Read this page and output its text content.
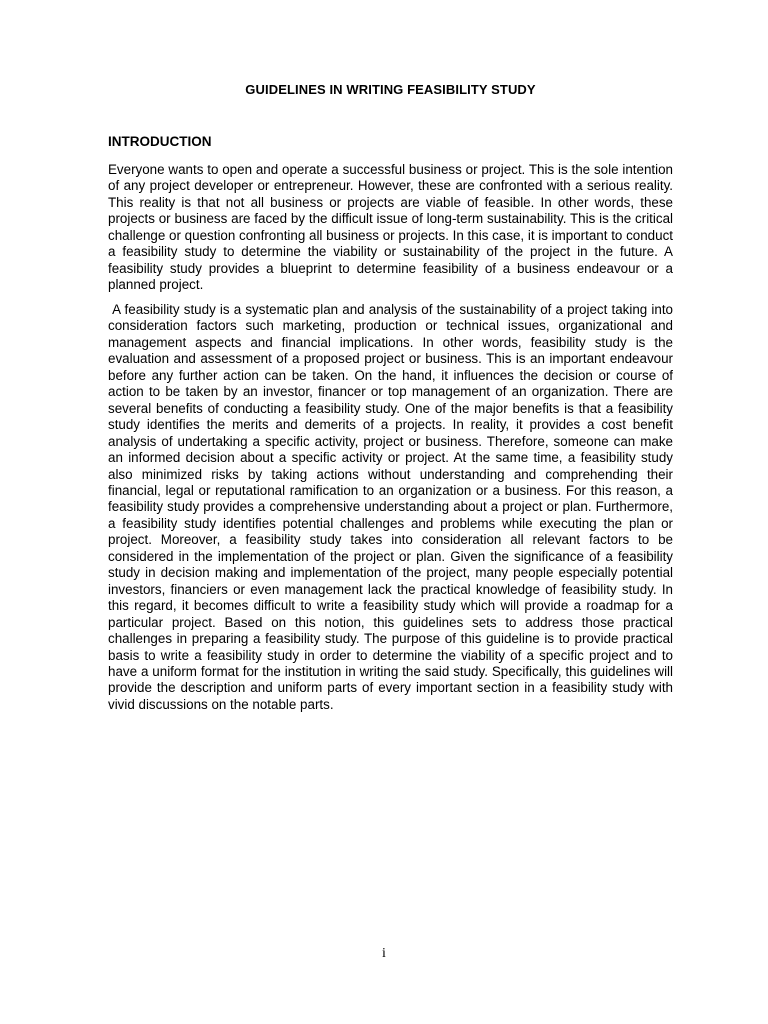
GUIDELINES IN WRITING FEASIBILITY STUDY
INTRODUCTION

Everyone wants to open and operate a successful business or project. This is the sole intention of any project developer or entrepreneur. However, these are confronted with a serious reality. This reality is that not all business or projects are viable of feasible. In other words, these projects or business are faced by the difficult issue of long-term sustainability. This is the critical challenge or question confronting all business or projects. In this case, it is important to conduct a feasibility study to determine the viability or sustainability of the project in the future. A feasibility study provides a blueprint to determine feasibility of a business endeavour or a planned project.

A feasibility study is a systematic plan and analysis of the sustainability of a project taking into consideration factors such marketing, production or technical issues, organizational and management aspects and financial implications. In other words, feasibility study is the evaluation and assessment of a proposed project or business. This is an important endeavour before any further action can be taken. On the hand, it influences the decision or course of action to be taken by an investor, financer or top management of an organization. There are several benefits of conducting a feasibility study. One of the major benefits is that a feasibility study identifies the merits and demerits of a projects. In reality, it provides a cost benefit analysis of undertaking a specific activity, project or business. Therefore, someone can make an informed decision about a specific activity or project. At the same time, a feasibility study also minimized risks by taking actions without understanding and comprehending their financial, legal or reputational ramification to an organization or a business. For this reason, a feasibility study provides a comprehensive understanding about a project or plan. Furthermore, a feasibility study identifies potential challenges and problems while executing the plan or project. Moreover, a feasibility study takes into consideration all relevant factors to be considered in the implementation of the project or plan. Given the significance of a feasibility study in decision making and implementation of the project, many people especially potential investors, financiers or even management lack the practical knowledge of feasibility study. In this regard, it becomes difficult to write a feasibility study which will provide a roadmap for a particular project. Based on this notion, this guidelines sets to address those practical challenges in preparing a feasibility study. The purpose of this guideline is to provide practical basis to write a feasibility study in order to determine the viability of a specific project and to have a uniform format for the institution in writing the said study. Specifically, this guidelines will provide the description and uniform parts of every important section in a feasibility study with vivid discussions on the notable parts.

i
